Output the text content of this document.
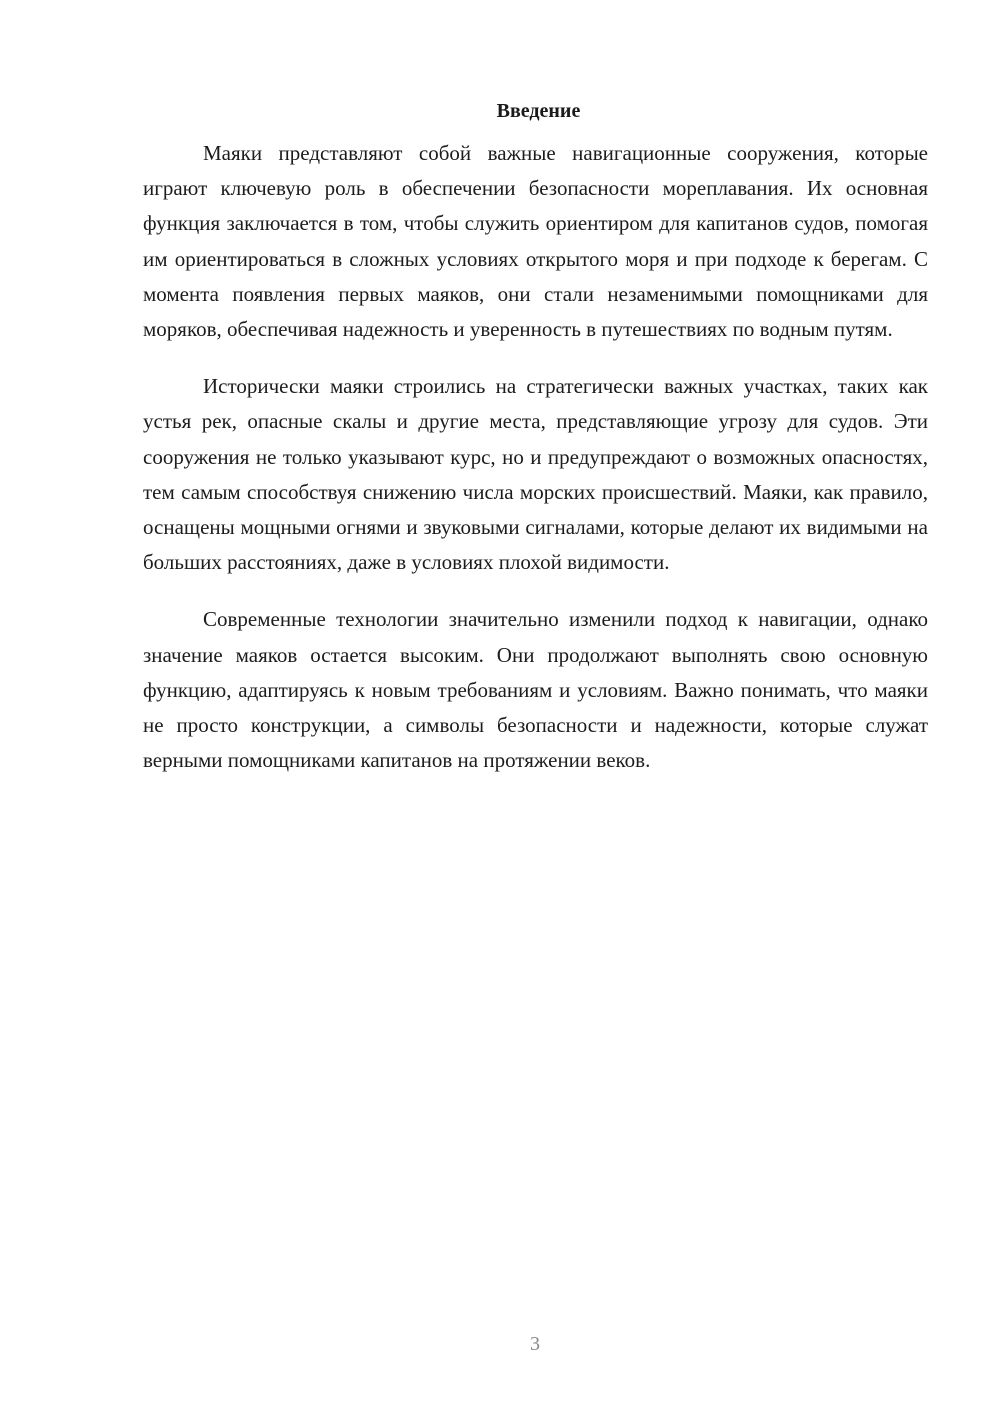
Введение

Маяки представляют собой важные навигационные сооружения, которые играют ключевую роль в обеспечении безопасности мореплавания. Их основная функция заключается в том, чтобы служить ориентиром для капитанов судов, помогая им ориентироваться в сложных условиях открытого моря и при подходе к берегам. С момента появления первых маяков, они стали незаменимыми помощниками для моряков, обеспечивая надежность и уверенность в путешествиях по водным путям.

Исторически маяки строились на стратегически важных участках, таких как устья рек, опасные скалы и другие места, представляющие угрозу для судов. Эти сооружения не только указывают курс, но и предупреждают о возможных опасностях, тем самым способствуя снижению числа морских происшествий. Маяки, как правило, оснащены мощными огнями и звуковыми сигналами, которые делают их видимыми на больших расстояниях, даже в условиях плохой видимости.

Современные технологии значительно изменили подход к навигации, однако значение маяков остается высоким. Они продолжают выполнять свою основную функцию, адаптируясь к новым требованиям и условиям. Важно понимать, что маяки не просто конструкции, а символы безопасности и надежности, которые служат верными помощниками капитанов на протяжении веков.

3
